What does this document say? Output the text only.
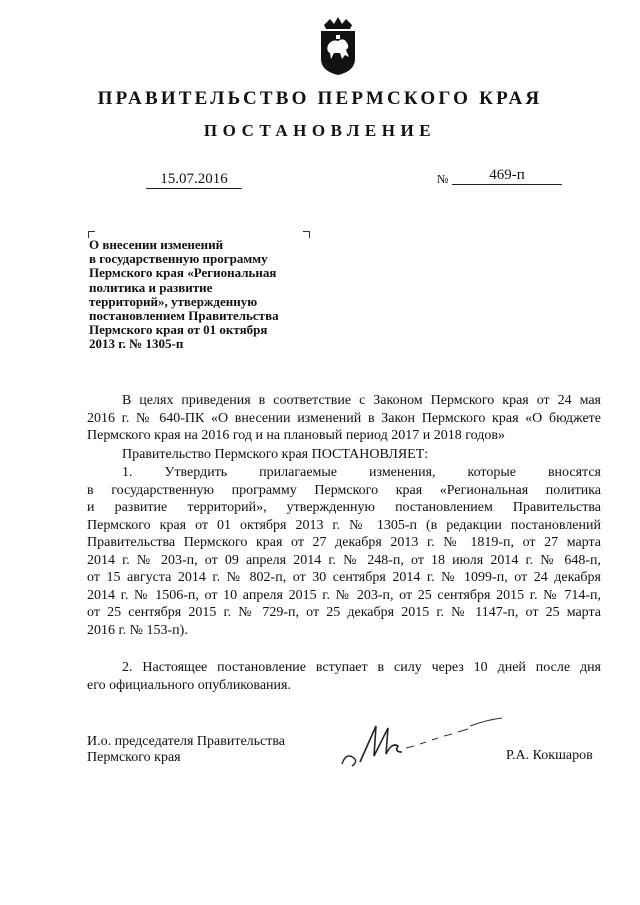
ПРАВИТЕЛЬСТВО ПЕРМСКОГО КРАЯ
ПОСТАНОВЛЕНИЕ
15.07.2016	№	469-п
О внесении изменений
в государственную программу
Пермского края «Региональная
политика и развитие
территорий», утвержденную
постановлением Правительства
Пермского края от 01 октября
2013 г. № 1305-п
В целях приведения в соответствие с Законом Пермского края от 24 мая
2016 г. № 640-ПК «О внесении изменений в Закон Пермского края «О бюджете
Пермского края на 2016 год и на плановый период 2017 и 2018 годов»
Правительство Пермского края ПОСТАНОВЛЯЕТ:
1. Утвердить прилагаемые изменения, которые вносятся
в государственную программу Пермского края «Региональная политика
и развитие территорий», утвержденную постановлением Правительства
Пермского края от 01 октября 2013 г. № 1305-п (в редакции постановлений
Правительства Пермского края от 27 декабря 2013 г. № 1819-п, от 27 марта
2014 г. № 203-п, от 09 апреля 2014 г. № 248-п, от 18 июля 2014 г. № 648-п,
от 15 августа 2014 г. № 802-п, от 30 сентября 2014 г. № 1099-п, от 24 декабря
2014 г. № 1506-п, от 10 апреля 2015 г. № 203-п, от 25 сентября 2015 г. № 714-п,
от 25 сентября 2015 г. № 729-п, от 25 декабря 2015 г. № 1147-п, от 25 марта
2016 г. № 153-п).
2. Настоящее постановление вступает в силу через 10 дней после дня
его официального опубликования.
И.о. председателя Правительства
Пермского края	Р.А. Кокшаров
